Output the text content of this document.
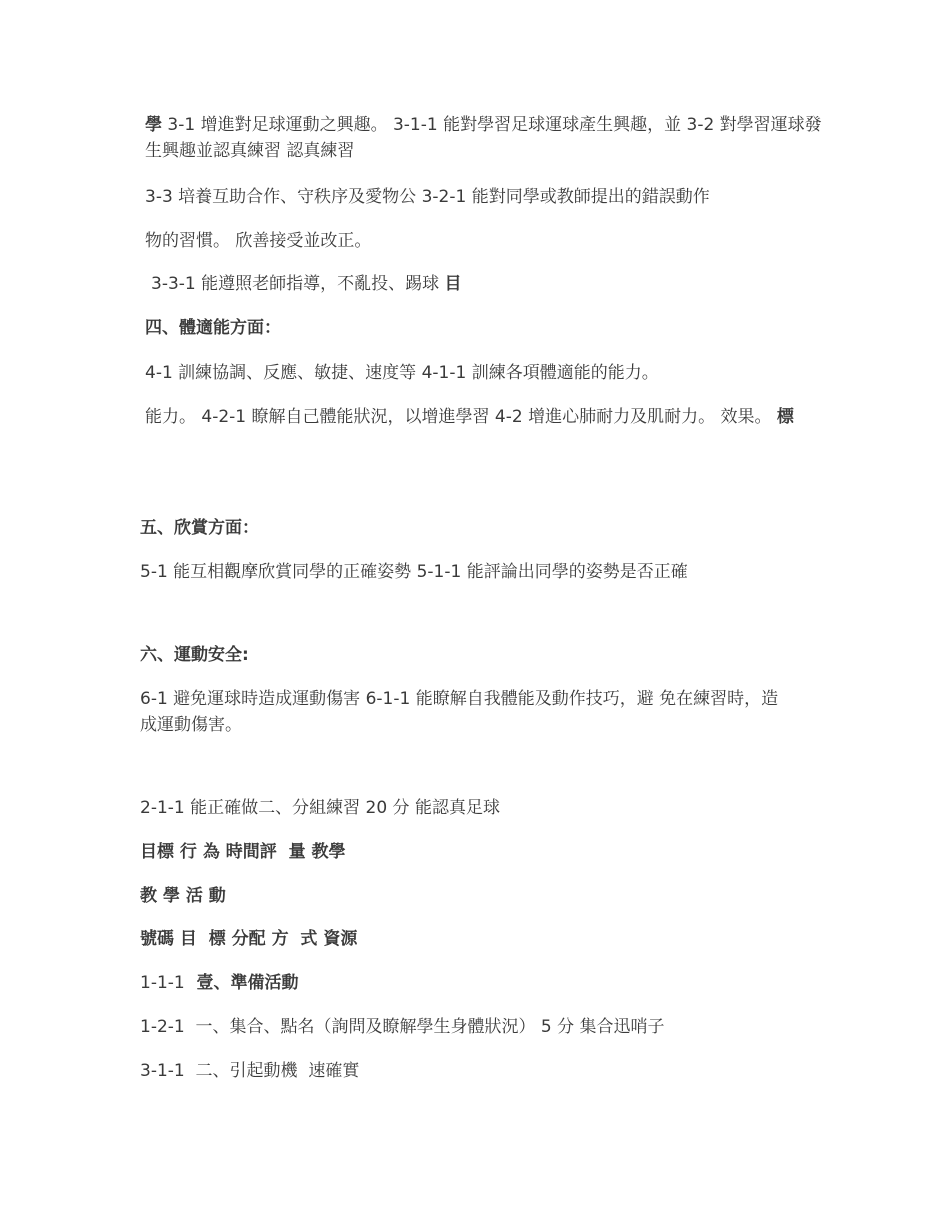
學 3-1 增進對足球運動之興趣。 3-1-1 能對學習足球運球產生興趣，並 3-2 對學習運球發生興趣並認真練習 認真練習

3-3 培養互助合作、守秩序及愛物公 3-2-1 能對同學或教師提出的錯誤動作

物的習慣。 欣善接受並改正。

3-3-1 能遵照老師指導，不亂投、踢球 目

四、體適能方面：

4-1 訓練協調、反應、敏捷、速度等 4-1-1 訓練各項體適能的能力。

能力。 4-2-1 瞭解自己體能狀況，以增進學習 4-2 增進心肺耐力及肌耐力。 效果。 標

五、欣賞方面：

5-1 能互相觀摩欣賞同學的正確姿勢 5-1-1 能評論出同學的姿勢是否正確

六、運動安全:

6-1 避免運球時造成運動傷害 6-1-1 能瞭解自我體能及動作技巧，避 免在練習時，造成運動傷害。

2-1-1 能正確做二、分組練習 20 分 能認真足球

目標 行 為 時間評  量 教學

教 學 活 動

號碼 目  標 分配 方  式 資源

1-1-1  壹、準備活動

1-2-1  一、集合、點名（詢問及瞭解學生身體狀況） 5 分 集合迅哨子

3-1-1  二、引起動機  速確實
